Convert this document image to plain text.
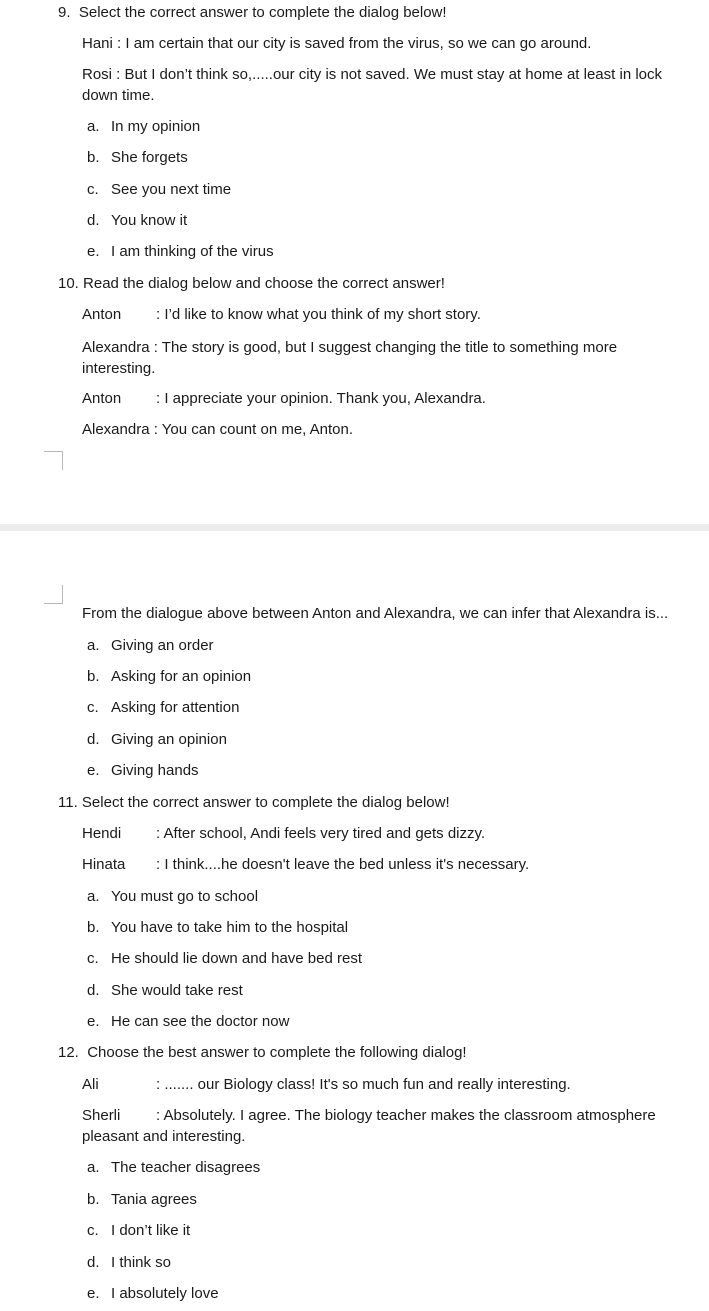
9. Select the correct answer to complete the dialog below!
Hani : I am certain that our city is saved from the virus, so we can go around.
Rosi : But I don’t think so,.....our city is not saved. We must stay at home at least in lock down time.
a. In my opinion
b. She forgets
c. See you next time
d. You know it
e. I am thinking of the virus
10. Read the dialog below and choose the correct answer!
Anton : I’d like to know what you think of my short story.
Alexandra : The story is good, but I suggest changing the title to something more interesting.
Anton : I appreciate your opinion. Thank you, Alexandra.
Alexandra : You can count on me, Anton.
From the dialogue above between Anton and Alexandra, we can infer that Alexandra is...
a. Giving an order
b. Asking for an opinion
c. Asking for attention
d. Giving an opinion
e. Giving hands
11. Select the correct answer to complete the dialog below!
Hendi : After school, Andi feels very tired and gets dizzy.
Hinata : I think....he doesn't leave the bed unless it's necessary.
a. You must go to school
b. You have to take him to the hospital
c. He should lie down and have bed rest
d. She would take rest
e. He can see the doctor now
12. Choose the best answer to complete the following dialog!
Ali	: ....... our Biology class! It's so much fun and really interesting.
Sherli : Absolutely. I agree. The biology teacher makes the classroom atmosphere pleasant and interesting.
a. The teacher disagrees
b. Tania agrees
c. I don’t like it
d. I think so
e. I absolutely love
